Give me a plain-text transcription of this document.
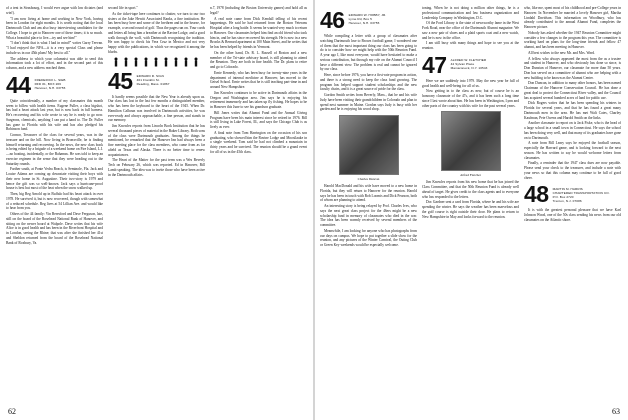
of a tent in Strasbourg, I would ever argue with law dictates (and win!).

"I am now living at home and working in New York, having been in London for eight months. It is worth noting that the local Dartmouth Club and am also busy interviewing candidates for the College. I hope to get to Hanover one of these times; it is so much. What a beautiful place to live—try and see him!"

"I don't think that is what I had in mind!" writes Garry Teevan. "I had enjoyed the NFA—it is a very special Class and please include us in our 45th plans! My best to all."

The address to which your columnist was able to send this information took a lot of effort, and in the second part of this column, and a new address reached them.

44 FREDERICK L. SIEB
RFD #1, BOX 206
Hanover, N.H. 03755

Quite coincidentally, a number of my classmates this month seem to billow with health items. Eugene Fuller, a class bigshot, has had a heart attack last year, but is now back in full harness. He's recovering and his wife wrote to say he is ready to go now. Surgeons, chemicals, anything I can put a hand to. The Dr. Fuller has gone to Florida with his wife and has also pledged his Robinson fund.

Connor, Treasurer of the class for several years, was in the treasure and on the hill. Now living in Bronxville, he is finding himself returning and recovering. In the news, the new class book is being edited by a brigade of a weekend home on Fire Island, L.I.—no boating, incidentally, or the Bahamas. He was told to keep an exercise regimen in the sense that they were heading out to the Saturday rounds.

Farther south, at Ponte Vedra Beach, is Seminole, Fla. Jack and Louise Adams are coming up downstate visiting their boys with their new home in St. Augustine. Their two-story is 1979 and hence the gift was so well-known. Jack says a hurricane-proof house is best but most of the heat when the snow walked up.

Then, big Reg Arnold up in Buffalo had his heart attack in over 1978. He survived it, but is now recovered, though with somewhat of a reduced schedule. Reg lives at 54 Lillian Ave. and would like to hear from you.

Others of the 44 family: Vin Beresford and Dave Ferguson, late, still on the board of the Rosehead National Bank of Hanover, and sitting on the newer board at Walpole. Dave writes that his wife Alice is in good health and has been in the Riverfront Hospital and in London, seeing the Rhine; that was after she finished her 41st and Sheldon returned from the board of the Rosehead National Bank of Roxbury, Va.

second life in sport."

As the ticket-tape here continues to chatter, we turn to our two sisters at the Jake Hewitt Associated Ranks, a fine institution. He has been busy here and some of the brethren and in the hearse, for example, a second round of golf. Thus the pages run on. Your cards and letters all bring him a breather at the Ravine Lodge, and a good walk through the wolf, with Dartmouth recognizing the tradition. He was happy to check his Vera Cruz in Mexico and not very happy with the publications, in which we recognized it among the blurbs.

45 EDWARD R. SIGN
461 Franklin St.
Reading, Mass. 01867

It hardly seems possible that the New Year is already upon us. Our class has lost in the last few months a distinguished member, who has been the keyboard to the heart of the 1945. When Dr. Hamilton Calhoun was involved in Dartmouth activities, he was ever-ready and always approachable, a fine person, and stands in our memory.

Jim Knowles reports from Lincoln Book Institution that he has several thousand pieces of material in the Baker Library. Both sons of the class were Dartmouth graduates. Among the things he mentioned, he remarked that the Hanover Inn had always been a fine meeting place for the class members, who came from as far afield as Texas and Alaska. There is no better time to renew acquaintances.

The Heart of the Matter for the past term was a Wes Beverly Tech on February 26, which was reported. Ed in Hanover, Bill Lamb speaking. The idea was to invite those who have been active in the Dartmouth affairs.

n.7, 1978 (including the Boston University games) and hold all as legal?

A real note came from Dick Kendall telling of his recent happenings. He said he had returned from the Boston Veterans Hospital after a long battle. It seems he wanted very much to return to Hanover. Our classmates helped him find an old friend who took him in, and he has since recovered his strength. He is now in a new Brooks & Bernard apartment at 100 Main Street, and he writes that he has been helped by friends in Vermont.

On the other hand, Dr. R. L. Russell of Boston and a new member of the Tri-state advisory board, is still planning to attend the Reunion. They are both in fine health. The Dr. plans to retire and go to Colorado.

Ernie Kennedy, who has been busy for twenty-nine years in the department of internal medicine at Hanover, has moved to the Geisel School. Ernie writes that he is still teaching part-time in and around New Hampshire.

Jim Knowles continues to be active in Dartmouth affairs in the Oregon and Washington area. Jim says he is enjoying his retirement immensely and has taken up fly fishing. He hopes to be in Hanover this June to see his grandson graduate.

Bill Jones writes that Alumni Fund and the Annual Giving Program have been his main interest since he retired in 1976. Bill is still living in Lake Forest, Ill., and says the Chicago Club is as lively as ever.

A final note from Tom Harrington on the occasion of his son graduating, who showed him the Ravine Lodge and Moosilauke in a single weekend. Tom said he had not climbed a mountain in thirty years and he survived. The reunion should be a grand event for all of us in the 45th class.

62
46 EDWARD W. HOBBY, JR.
Lyme Rd, Box 5
Hanover, N.H. 03755

While compiling a letter with a group of classmates after watching Dartmouth lose to Brown football game, I wondered one of them that the most important thing our class has been going to do is to consider how we might help with the 50th Reunion Fund. A year ago I, like most everyone, would have hesitated to make a serious contribution, but through my role on the Alumni Council I have a different view. The problem is real and cannot be ignored by our class.

Here, since before 1976, you have a first-rate program in action, and there is a strong need to keep the class fund growing. The program has helped support student scholarships and the new faculty chairs, and it is a great source of pride for the class.

Gordon Smith writes from Beverly, Mass., that he and his wife Judy have been visiting their grandchildren in Colorado and plan to spend next summer in Maine. Gordon says Judy is busy with her garden and he is enjoying his wood shop.

Charles Duncan

Harold MacDonald and his wife have moved to a new home in Florida, but they will return to Hanover for the reunion. Harold says he has been in touch with Bob Loomis and Dick Pearson, both of whom are planning to attend.

An interesting story is being relayed by Prof. Charles Ives, who says the next great class project for the 46ers might be a new scholarship fund in memory of classmates who died in the war. The idea has been warmly received by several members of the committee.

Meanwhile, I am looking for anyone who has photographs from our days on campus. We hope to put together a slide show for the reunion, and any pictures of the Winter Carnival, the Outing Club or Green Key weekends would be especially welcome.

toning. When he is not doing a million other things, he is a professional communication and law business organization and Leadership Company in Washington, D.C.

Of the Ford Library is the state of newsworthy fame in the West Fork Road, near the office of the Dartmouth Alumni magazine. We saw a new pair of shoes and a plaid sports coat and a new watch, and he is now in the office.

I am still busy with many things and hope to see you at the reunion.

47 ALFRED W. FLETCHER
44 Sylvan Place
Mamaroneck, N.Y. 10543

Here we are suddenly into 1979. May the new year be full of good health and well-being for all of us.

Now getting in to the class as new, but of course he is an honorary classmate of the 47s, and it has been such a long time since I last wrote about him. He has been in Washington, Lynn and other parts of the country with his wife for the past several years.

Alfred Fletcher

Jim Knowles reports from his new home that he has joined the Class Committee, and that the 50th Reunion Fund is already well ahead of target. He gives credit to the class agents and to everyone who has responded to the letters.

Doc Gardner sent a card from Florida, where he and his wife are spending the winter. He says the weather has been marvelous and the golf course is right outside their door. He plans to return to New Hampshire in May and looks forward to the reunion.

who, like me, spent most of his childhood and pre-College years in Hanover. In November he married a lovely Hanover girl, Martha Lindahl Davidson. This information on Woodbury, who has already contributed to the annual Alumni Fund, completes the Hanover picture.

Nobody has asked whether the 1947 Reunion Committee might consider a few changes to the program this year. The committee is working hard on plans for the long-time friends and fellow 47 alumni, and has been meeting in Hanover.

All best wishes to the new Mr. and Mrs. Ward.

A fellow who always appeared the most from the as a trustee and student in Hanover, and who obviously has done so since, is Don Dunstan of Hanover, our classmate for more than 50 years. Don has served on a committee of alumni who are helping with a new building to be known as the Alumni Center.

Don Duncan, in addition to many other honors, has been named Chairman of the Hanover Conservation Council. He has done a great deal to protect the Connecticut River valley, and the Council has acquired several hundred acres of land for public use.

Dick Rogers writes that he has been spending his winters in Florida for several years, and that he has found a great many Dartmouth men in the area. He has met Walt Cates, Charley Kaufman, Pete Owens and Harold Smith on the links.

Another classmate to report on is Jack Fiske, who is the head of a large school in a small town in Connecticut. He says the school has been doing very well, and that many of its graduates have gone on to Dartmouth.

A note from Bill Leary says he enjoyed the football season, especially the Harvard game, and is looking forward to the next season. He has written to say he would welcome letters from classmates.

Finally, a reminder that the 1947 class dues are now payable. Please send your check to the treasurer, and include a note with your news so that this column may continue to be full of good cheer.

48 MARTIN M. HARRIS
CHARTERED TRANSPORTATION CO.
P.O. Box 2720
Trenton, N.J. 07086

It is with the greatest personal pleasure that we have Karl Johnson Wood, one of the 50s class sending his news from our old classmates on the Atlantic shore.

63
